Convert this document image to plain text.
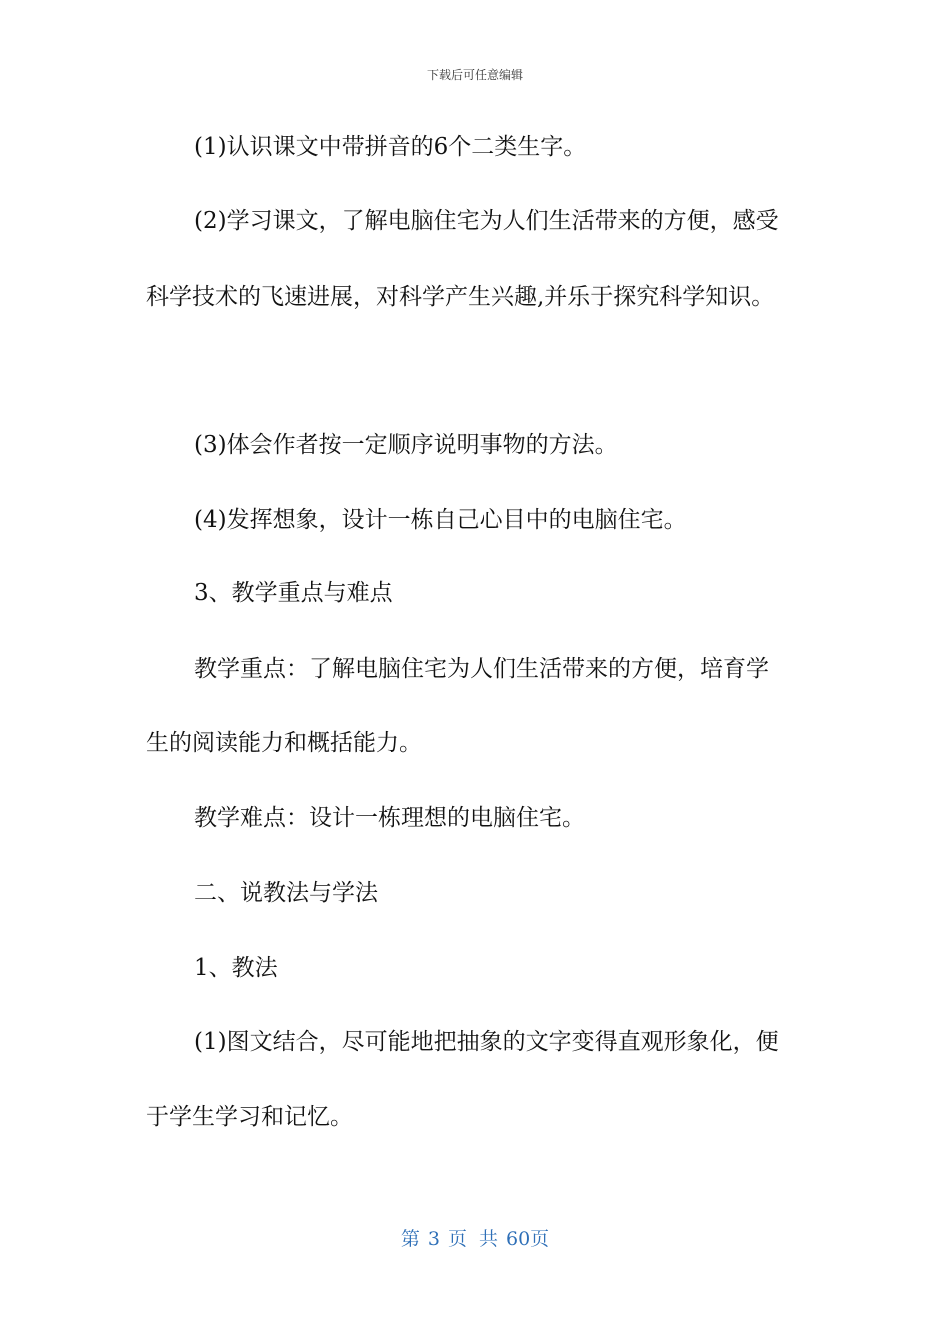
下载后可任意编辑
(1)认识课文中带拼音的6个二类生字。
(2)学习课文，了解电脑住宅为人们生活带来的方便，感受
科学技术的飞速进展，对科学产生兴趣,并乐于探究科学知识。
(3)体会作者按一定顺序说明事物的方法。
(4)发挥想象，设计一栋自己心目中的电脑住宅。
3、教学重点与难点
教学重点：了解电脑住宅为人们生活带来的方便，培育学
生的阅读能力和概括能力。
教学难点：设计一栋理想的电脑住宅。
二、说教法与学法
1、教法
(1)图文结合，尽可能地把抽象的文字变得直观形象化，便
于学生学习和记忆。
第 3 页 共 60页
